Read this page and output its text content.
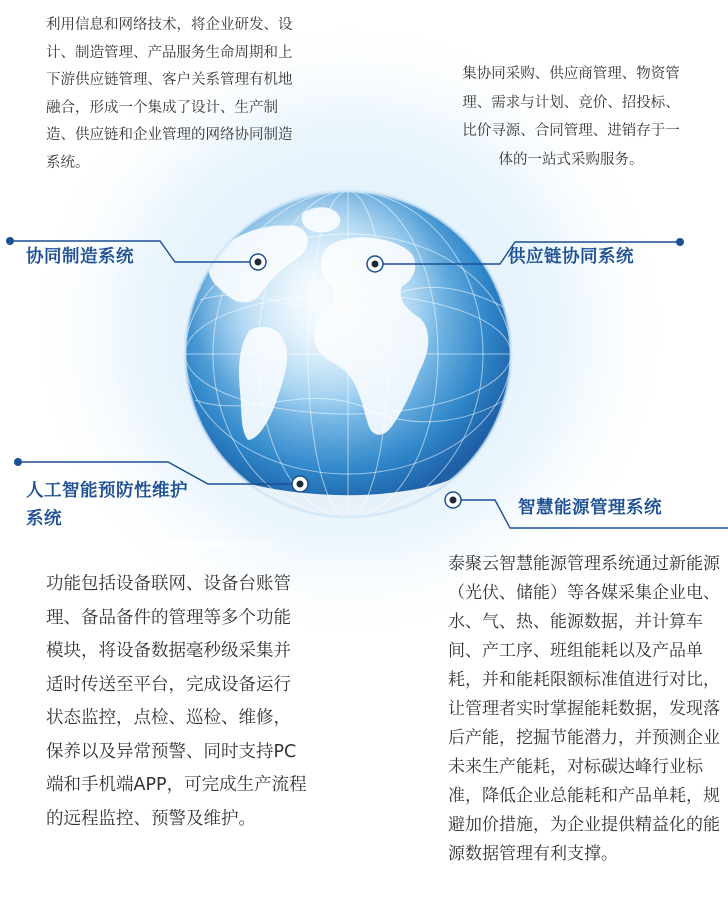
利用信息和网络技术，将企业研发、设计、制造管理、产品服务生命周期和上下游供应链管理、客户关系管理有机地融合，形成一个集成了设计、生产制造、供应链和企业管理的网络协同制造系统。

集协同采购、供应商管理、物资管理、需求与计划、竞价、招投标、比价寻源、合同管理、进销存于一体的一站式采购服务。

功能包括设备联网、设备台账管理、备品备件的管理等多个功能模块，将设备数据毫秒级采集并适时传送至平台，完成设备运行状态监控，点检、巡检、维修，保养以及异常预警、同时支持PC端和手机端APP，可完成生产流程的远程监控、预警及维护。

泰聚云智慧能源管理系统通过新能源（光伏、储能）等各媒采集企业电、水、气、热、能源数据，并计算车间、产工序、班组能耗以及产品单耗，并和能耗限额标准值进行对比，让管理者实时掌握能耗数据，发现落后产能，挖掘节能潜力，并预测企业未来生产能耗，对标碳达峰行业标准，降低企业总能耗和产品单耗，规避加价措施，为企业提供精益化的能源数据管理有利支撑。

协同制造系统	供应链协同系统
人工智能预防性维护系统
智慧能源管理系统
